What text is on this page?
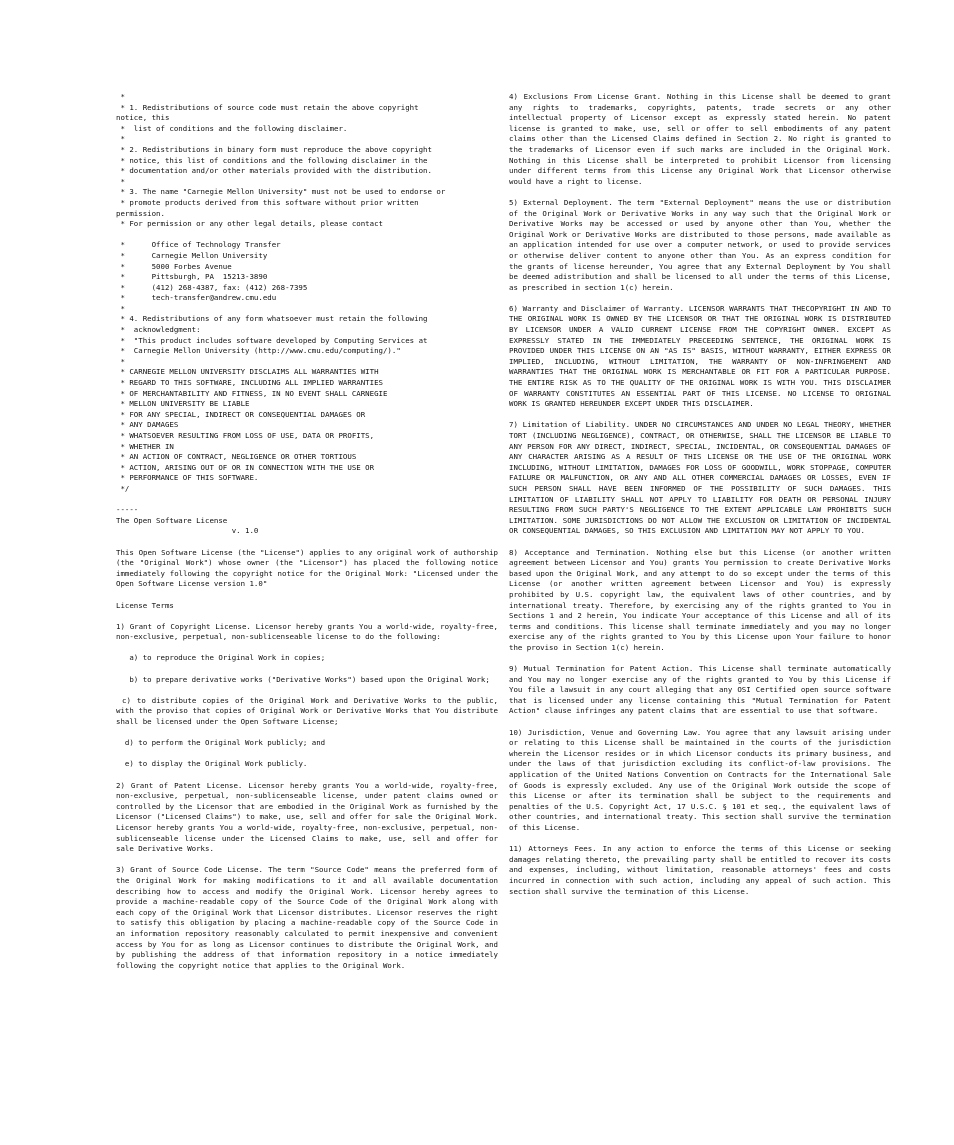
*
* 1. Redistributions of source code must retain the above copyright
notice, this
*  list of conditions and the following disclaimer.
*
* 2. Redistributions in binary form must reproduce the above copyright
* notice, this list of conditions and the following disclaimer in the
* documentation and/or other materials provided with the distribution.
*
* 3. The name "Carnegie Mellon University" must not be used to endorse or
* promote products derived from this software without prior written
permission.
* For permission or any other legal details, please contact

*      Office of Technology Transfer
*      Carnegie Mellon University
*      5000 Forbes Avenue
*      Pittsburgh, PA  15213-3890
*      (412) 268-4387, fax: (412) 268-7395
*      tech-transfer@andrew.cmu.edu
*
* 4. Redistributions of any form whatsoever must retain the following
*  acknowledgment:
*  "This product includes software developed by Computing Services at
*  Carnegie Mellon University (http://www.cmu.edu/computing/)."
*
* CARNEGIE MELLON UNIVERSITY DISCLAIMS ALL WARRANTIES WITH
* REGARD TO THIS SOFTWARE, INCLUDING ALL IMPLIED WARRANTIES
* OF MERCHANTABILITY AND FITNESS, IN NO EVENT SHALL CARNEGIE
* MELLON UNIVERSITY BE LIABLE
* FOR ANY SPECIAL, INDIRECT OR CONSEQUENTIAL DAMAGES OR
* ANY DAMAGES
* WHATSOEVER RESULTING FROM LOSS OF USE, DATA OR PROFITS,
* WHETHER IN
* AN ACTION OF CONTRACT, NEGLIGENCE OR OTHER TORTIOUS
* ACTION, ARISING OUT OF OR IN CONNECTION WITH THE USE OR
* PERFORMANCE OF THIS SOFTWARE.
*/

-----
The Open Software License
v. 1.0

This Open Software License (the "License") applies to any original work of authorship (the "Original Work") whose owner (the "Licensor") has placed the following notice immediately following the copyright notice for the Original Work: "Licensed under the Open Software License version 1.0"

License Terms

1) Grant of Copyright License. Licensor hereby grants You a world-wide, royalty-free, non-exclusive, perpetual, non-sublicenseable license to do the following:

a) to reproduce the Original Work in copies;

b) to prepare derivative works ("Derivative Works") based upon the Original Work;

c) to distribute copies of the Original Work and Derivative Works to the public, with the proviso that copies of Original Work or Derivative Works that You distribute shall be licensed under the Open Software License;

d) to perform the Original Work publicly; and

e) to display the Original Work publicly.

2) Grant of Patent License. Licensor hereby grants You a world-wide, royalty-free, non-exclusive, perpetual, non-sublicenseable license, under patent claims owned or controlled by the Licensor that are embodied in the Original Work as furnished by the Licensor ("Licensed Claims") to make, use, sell and offer for sale the Original Work. Licensor hereby grants You a world-wide, royalty-free, non-exclusive, perpetual, non-sublicenseable license under the Licensed Claims to make, use, sell and offer for sale Derivative Works.

3) Grant of Source Code License. The term "Source Code" means the preferred form of the Original Work for making modifications to it and all available documentation describing how to access and modify the Original Work. Licensor hereby agrees to provide a machine-readable copy of the Source Code of the Original Work along with each copy of the Original Work that Licensor distributes. Licensor reserves the right to satisfy this obligation by placing a machine-readable copy of the Source Code in an information repository reasonably calculated to permit inexpensive and convenient access by You for as long as Licensor continues to distribute the Original Work, and by publishing the address of that information repository in a notice immediately following the copyright notice that applies to the Original Work.

4) Exclusions From License Grant. Nothing in this License shall be deemed to grant any rights to trademarks, copyrights, patents, trade secrets or any other intellectual property of Licensor except as expressly stated herein. No patent license is granted to make, use, sell or offer to sell embodiments of any patent claims other than the Licensed Claims defined in Section 2. No right is granted to the trademarks of Licensor even if such marks are included in the Original Work. Nothing in this License shall be interpreted to prohibit Licensor from licensing under different terms from this License any Original Work that Licensor otherwise would have a right to license.

5) External Deployment. The term "External Deployment" means the use or distribution of the Original Work or Derivative Works in any way such that the Original Work or Derivative Works may be accessed or used by anyone other than You, whether the Original Work or Derivative Works are distributed to those persons, made available as an application intended for use over a computer network, or used to provide services or otherwise deliver content to anyone other than You. As an express condition for the grants of license hereunder, You agree that any External Deployment by You shall be deemed adistribution and shall be licensed to all under the terms of this License, as prescribed in section 1(c) herein.

6) Warranty and Disclaimer of Warranty. LICENSOR WARRANTS THAT THECOPYRIGHT IN AND TO THE ORIGINAL WORK IS OWNED BY THE LICENSOR OR THAT THE ORIGINAL WORK IS DISTRIBUTED BY LICENSOR UNDER A VALID CURRENT LICENSE FROM THE COPYRIGHT OWNER. EXCEPT AS EXPRESSLY STATED IN THE IMMEDIATELY PRECEEDING SENTENCE, THE ORIGINAL WORK IS PROVIDED UNDER THIS LICENSE ON AN "AS IS" BASIS, WITHOUT WARRANTY, EITHER EXPRESS OR IMPLIED, INCLUDING, WITHOUT LIMITATION, THE WARRANTY OF NON-INFRINGEMENT AND WARRANTIES THAT THE ORIGINAL WORK IS MERCHANTABLE OR FIT FOR A PARTICULAR PURPOSE. THE ENTIRE RISK AS TO THE QUALITY OF THE ORIGINAL WORK IS WITH YOU. THIS DISCLAIMER OF WARRANTY CONSTITUTES AN ESSENTIAL PART OF THIS LICENSE. NO LICENSE TO ORIGINAL WORK IS GRANTED HEREUNDER EXCEPT UNDER THIS DISCLAIMER.

7) Limitation of Liability. UNDER NO CIRCUMSTANCES AND UNDER NO LEGAL THEORY, WHETHER TORT (INCLUDING NEGLIGENCE), CONTRACT, OR OTHERWISE, SHALL THE LICENSOR BE LIABLE TO ANY PERSON FOR ANY DIRECT, INDIRECT, SPECIAL, INCIDENTAL, OR CONSEQUENTIAL DAMAGES OF ANY CHARACTER ARISING AS A RESULT OF THIS LICENSE OR THE USE OF THE ORIGINAL WORK INCLUDING, WITHOUT LIMITATION, DAMAGES FOR LOSS OF GOODWILL, WORK STOPPAGE, COMPUTER FAILURE OR MALFUNCTION, OR ANY AND ALL OTHER COMMERCIAL DAMAGES OR LOSSES, EVEN IF SUCH PERSON SHALL HAVE BEEN INFORMED OF THE POSSIBILITY OF SUCH DAMAGES. THIS LIMITATION OF LIABILITY SHALL NOT APPLY TO LIABILITY FOR DEATH OR PERSONAL INJURY RESULTING FROM SUCH PARTY'S NEGLIGENCE TO THE EXTENT APPLICABLE LAW PROHIBITS SUCH LIMITATION. SOME JURISDICTIONS DO NOT ALLOW THE EXCLUSION OR LIMITATION OF INCIDENTAL OR CONSEQUENTIAL DAMAGES, SO THIS EXCLUSION AND LIMITATION MAY NOT APPLY TO YOU.

8) Acceptance and Termination. Nothing else but this License (or another written agreement between Licensor and You) grants You permission to create Derivative Works based upon the Original Work, and any attempt to do so except under the terms of this License (or another written agreement between Licensor and You) is expressly prohibited by U.S. copyright law, the equivalent laws of other countries, and by international treaty. Therefore, by exercising any of the rights granted to You in Sections 1 and 2 herein, You indicate Your acceptance of this License and all of its terms and conditions. This license shall terminate immediately and you may no longer exercise any of the rights granted to You by this License upon Your failure to honor the proviso in Section 1(c) herein.

9) Mutual Termination for Patent Action. This License shall terminate automatically and You may no longer exercise any of the rights granted to You by this License if You file a lawsuit in any court alleging that any OSI Certified open source software that is licensed under any license containing this "Mutual Termination for Patent Action" clause infringes any patent claims that are essential to use that software.

10) Jurisdiction, Venue and Governing Law. You agree that any lawsuit arising under or relating to this License shall be maintained in the courts of the jurisdiction wherein the Licensor resides or in which Licensor conducts its primary business, and under the laws of that jurisdiction excluding its conflict-of-law provisions. The application of the United Nations Convention on Contracts for the International Sale of Goods is expressly excluded. Any use of the Original Work outside the scope of this License or after its termination shall be subject to the requirements and penalties of the U.S. Copyright Act, 17 U.S.C. § 101 et seq., the equivalent laws of other countries, and international treaty. This section shall survive the termination of this License.

11) Attorneys Fees. In any action to enforce the terms of this License or seeking damages relating thereto, the prevailing party shall be entitled to recover its costs and expenses, including, without limitation, reasonable attorneys' fees and costs incurred in connection with such action, including any appeal of such action. This section shall survive the termination of this License.
